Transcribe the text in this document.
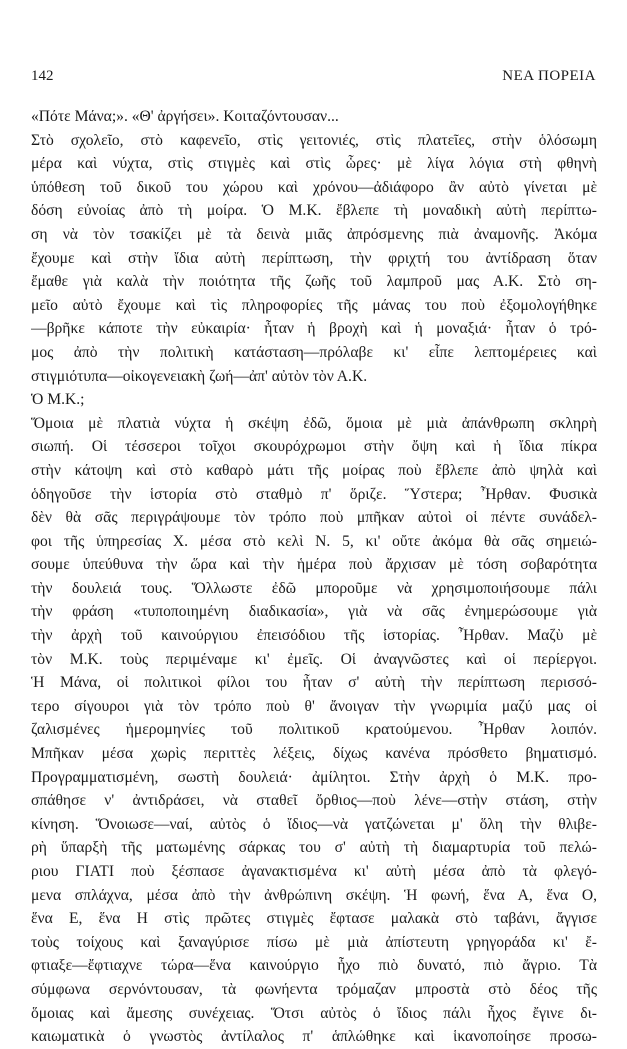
142	ΝΕΑ ΠΟΡΕΙΑ
«Πότε Μάνα;». «Θ' ἀργήσει». Κοιταζόντουσαν...
Στὸ σχολεῖο, στὸ καφενεῖο, στὶς γειτονιές, στὶς πλατεῖες, στὴν ὁλόσωμη
μέρα καὶ νύχτα, στὶς στιγμὲς καὶ στὶς ὧρες· μὲ λίγα λόγια στὴ φθηνὴ
ὑπόθεση τοῦ δικοῦ του χώρου καὶ χρόνου—ἀδιάφορο ἂν αὐτὸ γίνεται μὲ
δόση εὐνοίας ἀπὸ τὴ μοίρα. Ὁ Μ.Κ. ἔβλεπε τὴ μοναδικὴ αὐτὴ περίπτω-
ση νὰ τὸν τσακίζει μὲ τὰ δεινὰ μιᾶς ἀπρόσμενης πιὰ ἀναμονῆς. Ἀκόμα
ἔχουμε καὶ στὴν ἴδια αὐτὴ περίπτωση, τὴν φριχτή του ἀντίδραση ὅταν
ἔμαθε γιὰ καλὰ τὴν ποιότητα τῆς ζωῆς τοῦ λαμπροῦ μας Α.Κ. Στὸ ση-
μεῖο αὐτὸ ἔχουμε καὶ τὶς πληροφορίες τῆς μάνας του ποὺ ἐξομολογήθηκε
—βρῆκε κάποτε τὴν εὐκαιρία· ἦταν ἡ βροχὴ καὶ ἡ μοναξιά· ἦταν ὁ τρό-
μος ἀπὸ τὴν πολιτικὴ κατάσταση—πρόλαβε κι' εἶπε λεπτομέρειες καὶ
στιγμιότυπα—οἰκογενειακὴ ζωή—ἀπ' αὐτὸν τὸν Α.Κ.
Ὁ Μ.Κ.;
Ὅμοια μὲ πλατιὰ νύχτα ἡ σκέψη ἐδῶ, ὅμοια μὲ μιὰ ἀπάνθρωπη σκληρὴ
σιωπή. Οἱ τέσσεροι τοῖχοι σκουρόχρωμοι στὴν ὄψη καὶ ἡ ἴδια πίκρα
στὴν κάτοψη καὶ στὸ καθαρὸ μάτι τῆς μοίρας ποὺ ἔβλεπε ἀπὸ ψηλὰ καὶ
ὁδηγοῦσε τὴν ἱστορία στὸ σταθμὸ π' ὅριζε. Ὕστερα; Ἦρθαν. Φυσικὰ
δὲν θὰ σᾶς περιγράψουμε τὸν τρόπο ποὺ μπῆκαν αὐτοὶ οἱ πέντε συνάδελ-
φοι τῆς ὑπηρεσίας Χ. μέσα στὸ κελὶ Ν. 5, κι' οὔτε ἀκόμα θὰ σᾶς σημειώ-
σουμε ὑπεύθυνα τὴν ὥρα καὶ τὴν ἡμέρα ποὺ ἄρχισαν μὲ τόση σοβαρότητα
τὴν δουλειά τους. Ὅλλωστε ἐδῶ μποροῦμε νὰ χρησιμοποιήσουμε πάλι
τὴν φράση «τυποποιημένη διαδικασία», γιὰ νὰ σᾶς ἐνημερώσουμε γιὰ
τὴν ἀρχὴ τοῦ καινούργιου ἐπεισόδιου τῆς ἱστορίας. Ἦρθαν. Μαζὺ μὲ
τὸν Μ.Κ. τοὺς περιμέναμε κι' ἐμεῖς. Οἱ ἀναγνῶστες καὶ οἱ περίεργοι.
Ἡ Μάνα, οἱ πολιτικοὶ φίλοι του ἦταν σ' αὐτὴ τὴν περίπτωση περισσό-
τερο σίγουροι γιὰ τὸν τρόπο ποὺ θ' ἄνοιγαν τὴν γνωριμία μαζύ μας οἱ
ζαλισμένες ἡμερομηνίες τοῦ πολιτικοῦ κρατούμενου. Ἦρθαν λοιπόν.
Μπῆκαν μέσα χωρὶς περιττὲς λέξεις, δίχως κανένα πρόσθετο βηματισμό.
Προγραμματισμένη, σωστὴ δουλειά· ἀμίλητοι. Στὴν ἀρχὴ ὁ Μ.Κ. προ-
σπάθησε ν' ἀντιδράσει, νὰ σταθεῖ ὄρθιος—ποὺ λένε—στὴν στάση, στὴν
κίνηση. Ὅνοιωσε—ναί, αὐτὸς ὁ ἴδιος—νὰ γατζώνεται μ' ὅλη τὴν θλιβε-
ρὴ ὕπαρξὴ τῆς ματωμένης σάρκας του σ' αὐτὴ τὴ διαμαρτυρία τοῦ πελώ-
ριου ΓΙΑΤΙ ποὺ ξέσπασε ἀγανακτισμένα κι' αὐτὴ μέσα ἀπὸ τὰ φλεγό-
μενα σπλάχνα, μέσα ἀπὸ τὴν ἀνθρώπινη σκέψη. Ἡ φωνή, ἕνα Α, ἕνα Ο,
ἕνα Ε, ἕνα Η στὶς πρῶτες στιγμὲς ἔφτασε μαλακὰ στὸ ταβάνι, ἄγγισε
τοὺς τοίχους καὶ ξαναγύρισε πίσω μὲ μιὰ ἀπίστευτη γρηγοράδα κι' ἔ-
φτιαξε—ἔφτιαχνε τώρα—ἕνα καινούργιο ἦχο πιὸ δυνατό, πιὸ ἄγριο. Τὰ
σύμφωνα σερνόντουσαν, τὰ φωνήεντα τρόμαζαν μπροστὰ στὸ δέος τῆς
ὅμοιας καὶ ἄμεσης συνέχειας. Ὅτσι αὐτὸς ὁ ἴδιος πάλι ἦχος ἔγινε δι-
καιωματικὰ ὁ γνωστὸς ἀντίλαλος π' ἁπλώθηκε καὶ ἱκανοποίησε προσω-
